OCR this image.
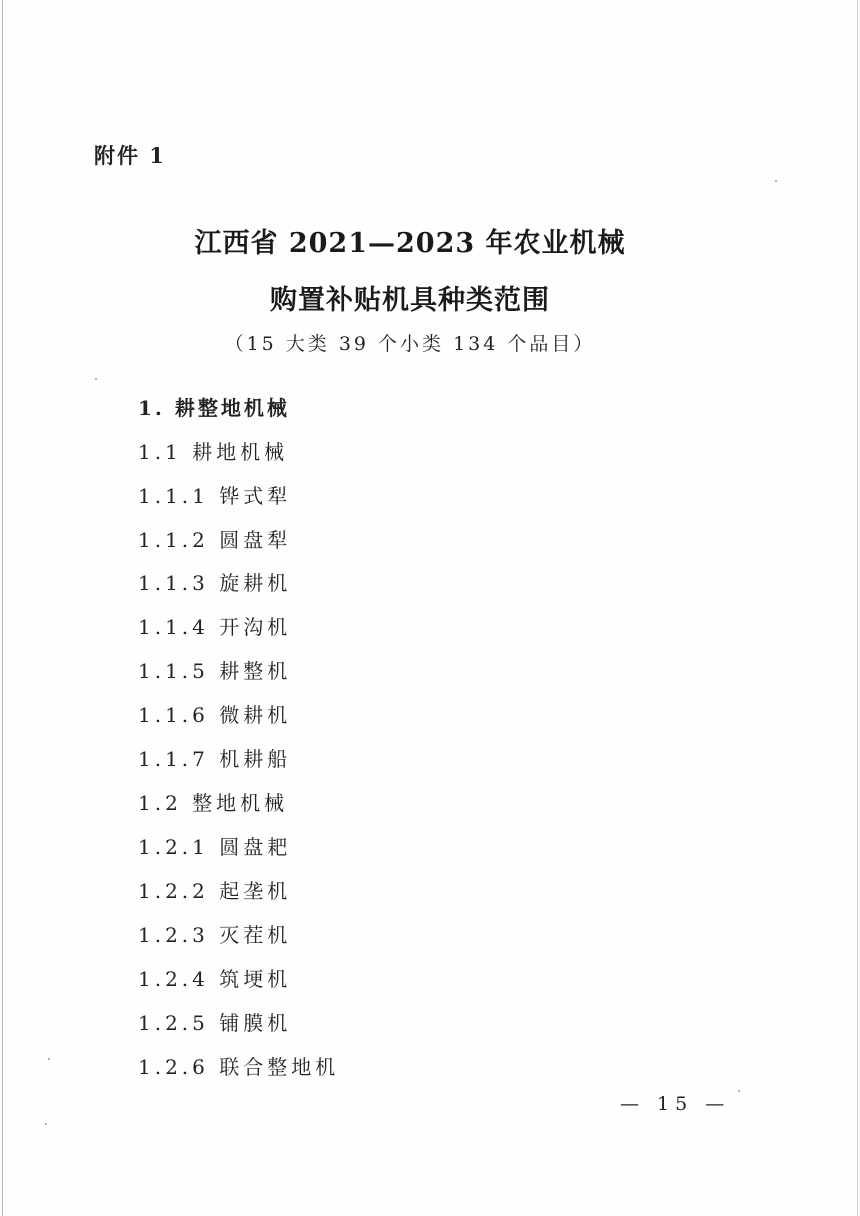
附件 1
江西省 2021—2023 年农业机械
购置补贴机具种类范围
（15 大类 39 个小类 134 个品目）
1. 耕整地机械
1.1 耕地机械
1.1.1 铧式犁
1.1.2 圆盘犁
1.1.3 旋耕机
1.1.4 开沟机
1.1.5 耕整机
1.1.6 微耕机
1.1.7 机耕船
1.2 整地机械
1.2.1 圆盘耙
1.2.2 起垄机
1.2.3 灭茬机
1.2.4 筑埂机
1.2.5 铺膜机
1.2.6 联合整地机
— 15 —
